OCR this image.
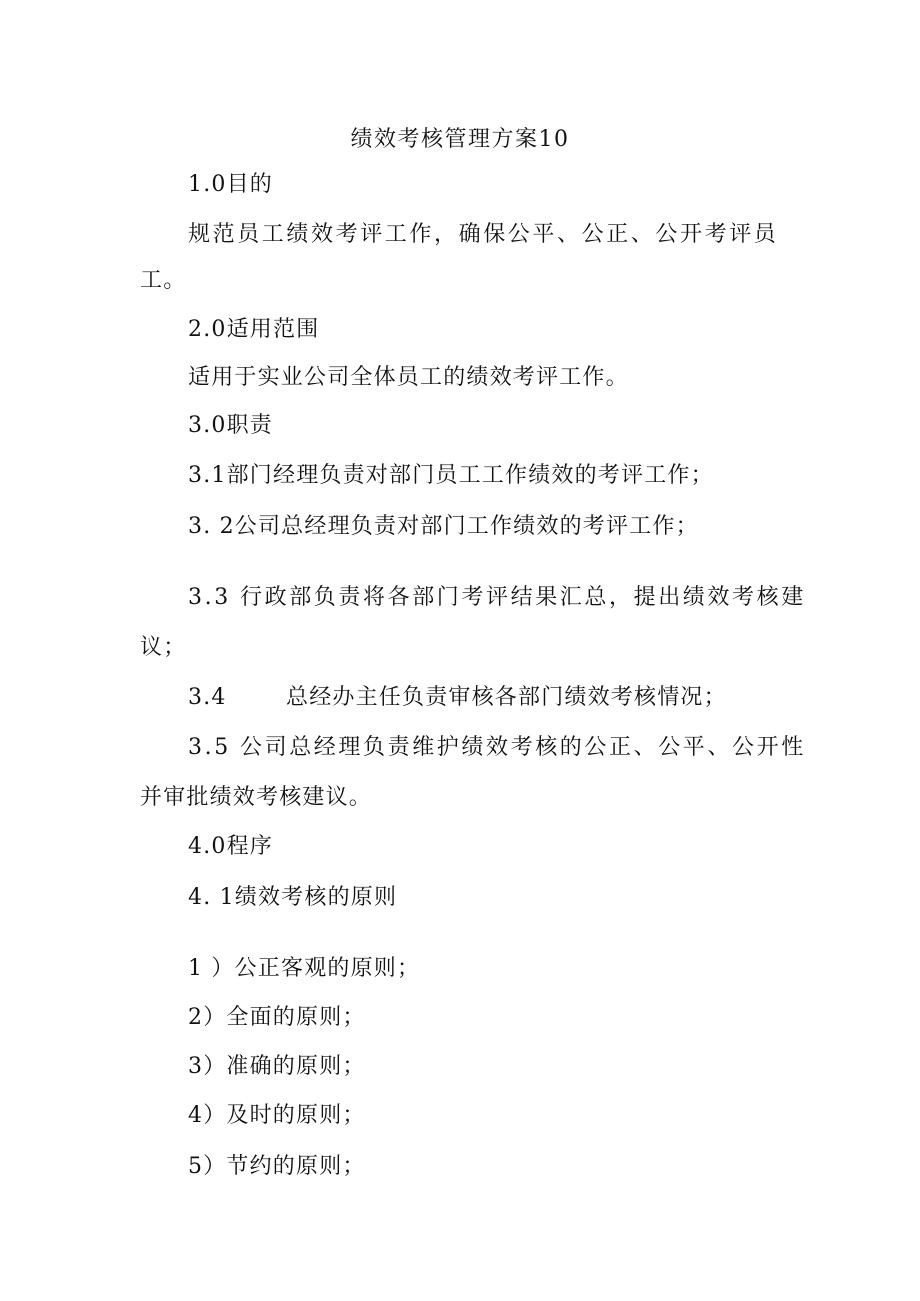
绩效考核管理方案10
1.0目的
规范员工绩效考评工作，确保公平、公正、公开考评员
工。
2.0适用范围
适用于实业公司全体员工的绩效考评工作。
3.0职责
3.1部门经理负责对部门员工工作绩效的考评工作；
3. 2公司总经理负责对部门工作绩效的考评工作；
3.3 行政部负责将各部门考评结果汇总，提出绩效考核建
议；
3.4	总经办主任负责审核各部门绩效考核情况；
3.5 公司总经理负责维护绩效考核的公正、公平、公开性
并审批绩效考核建议。
4.0程序
4. 1绩效考核的原则
1 ）公正客观的原则；
2）全面的原则；
3）准确的原则；
4）及时的原则；
5）节约的原则；
